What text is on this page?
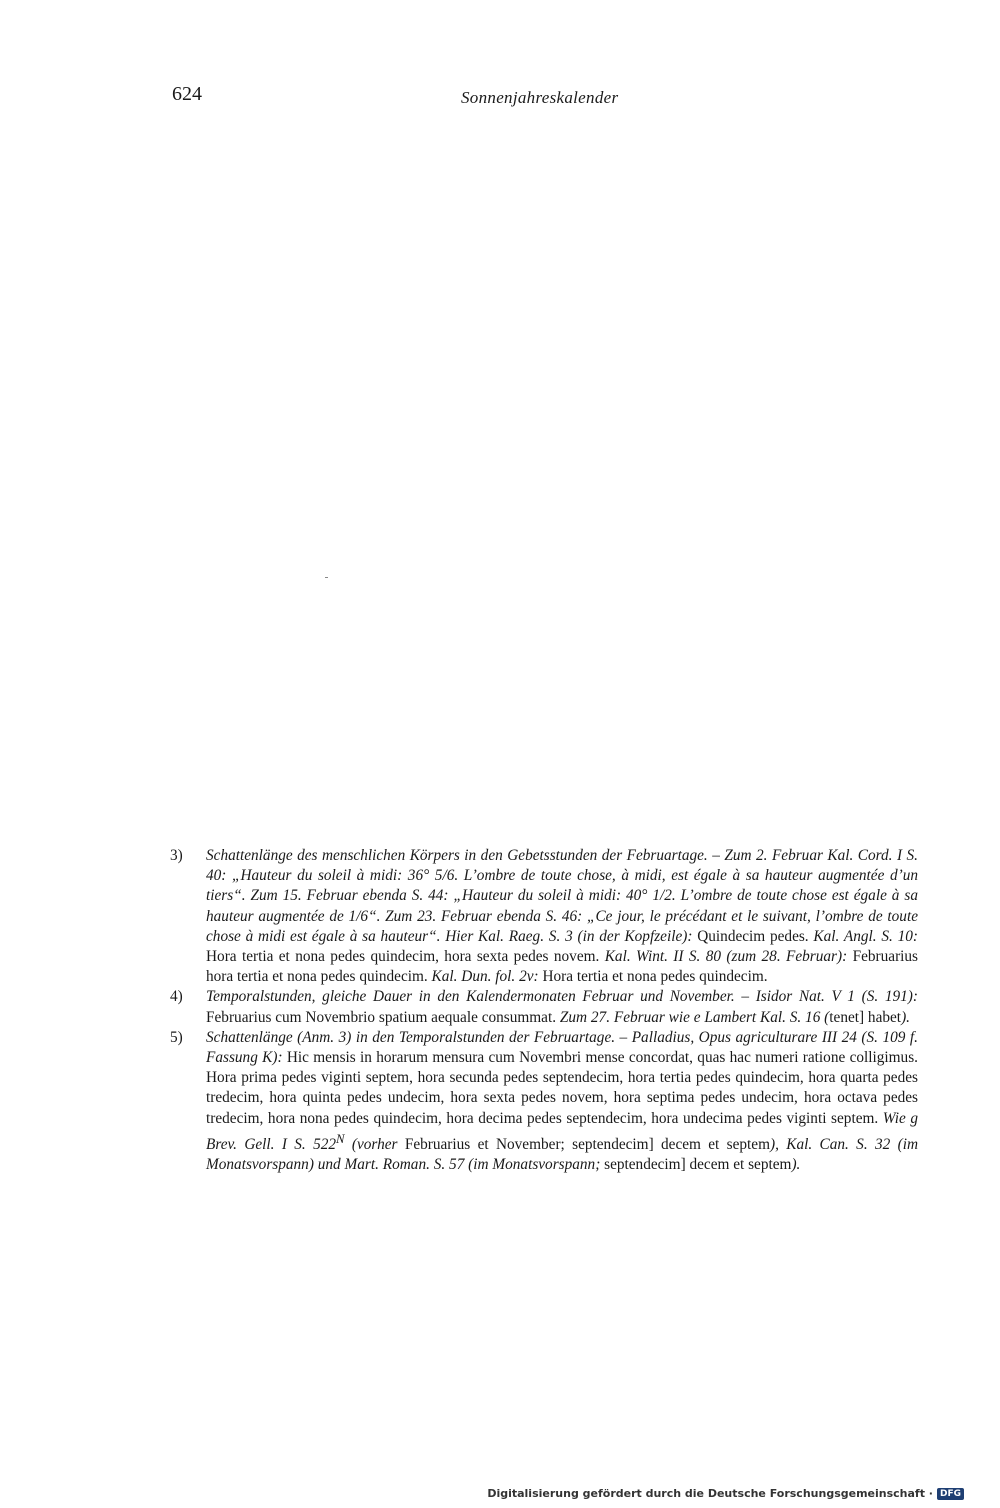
624	Sonnenjahreskalender
3) Schattenlänge des menschlichen Körpers in den Gebetsstunden der Februartage. – Zum 2. Februar Kal. Cord. I S. 40: „Hauteur du soleil à midi: 36° 5/6. L’ombre de toute chose, à midi, est égale à sa hauteur augmentée d’un tiers“. Zum 15. Februar ebenda S. 44: „Hauteur du soleil à midi: 40° 1/2. L’ombre de toute chose est égale à sa hauteur augmentée de 1/6“. Zum 23. Februar ebenda S. 46: „Ce jour, le précédant et le suivant, l’ombre de toute chose à midi est égale à sa hauteur“. Hier Kal. Raeg. S. 3 (in der Kopfzeile): Quindecim pedes. Kal. Angl. S. 10: Hora tertia et nona pedes quindecim, hora sexta pedes novem. Kal. Wint. II S. 80 (zum 28. Februar): Februarius hora tertia et nona pedes quindecim. Kal. Dun. fol. 2v: Hora tertia et nona pedes quindecim.
4) Temporalstunden, gleiche Dauer in den Kalendermonaten Februar und November. – Isidor Nat. V 1 (S. 191): Februarius cum Novembrio spatium aequale consummat. Zum 27. Februar wie e Lambert Kal. S. 16 (tenet] habet).
5) Schattenlänge (Anm. 3) in den Temporalstunden der Februartage. – Palladius, Opus agriculturare III 24 (S. 109 f. Fassung K): Hic mensis in horarum mensura cum Novembri mense concordat, quas hac numeri ratione colligimus. Hora prima pedes viginti septem, hora secunda pedes septendecim, hora tertia pedes quindecim, hora quarta pedes tredecim, hora quinta pedes undecim, hora sexta pedes novem, hora septima pedes undecim, hora octava pedes tredecim, hora nona pedes quindecim, hora decima pedes septendecim, hora undecima pedes viginti septem. Wie g Brev. Gell. I S. $522^N$ (vorher Februarius et November; septendecim] decem et septem), Kal. Can. S. 32 (im Monatsvorspann) und Mart. Roman. S. 57 (im Monatsvorspann; septendecim] decem et septem).
Digitalisierung gefördert durch die Deutsche Forschungsgemeinschaft · DFG
